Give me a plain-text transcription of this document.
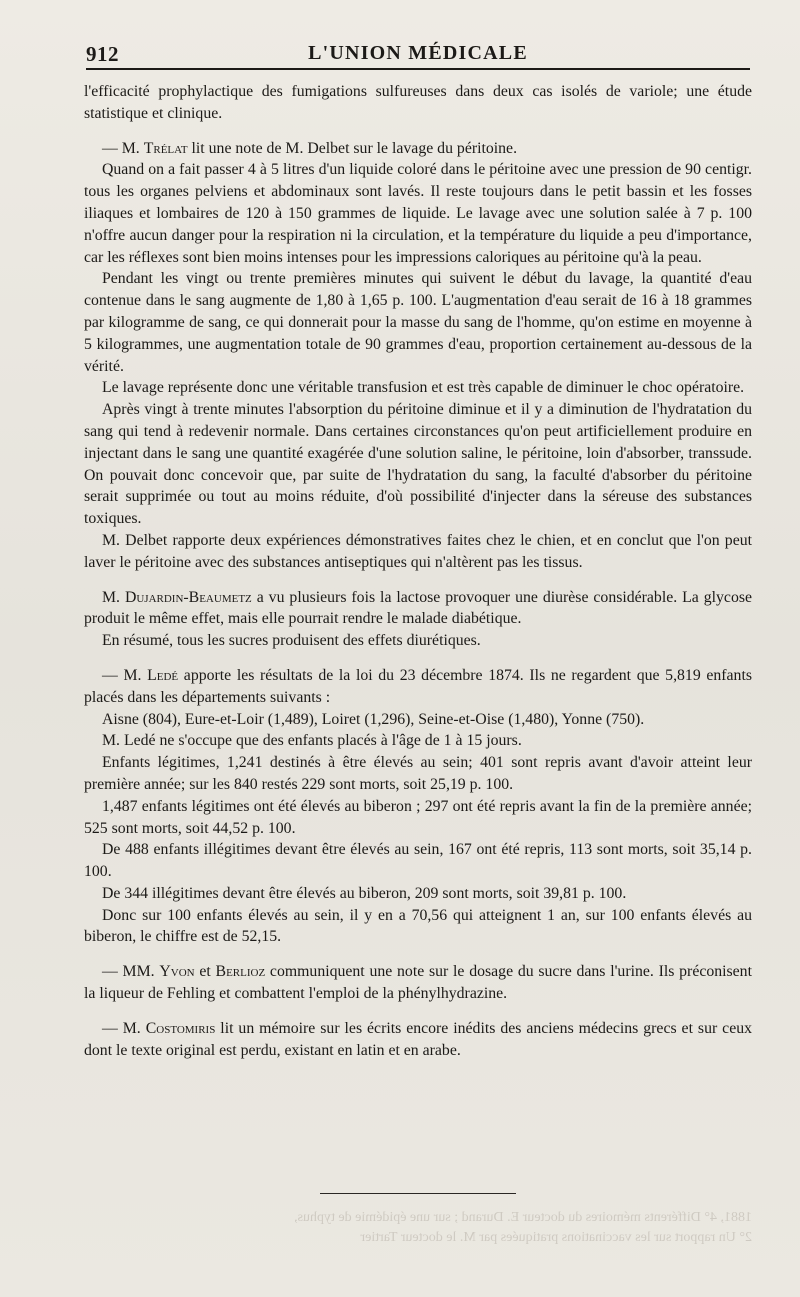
912	L'UNION MÉDICALE

l'efficacité prophylactique des fumigations sulfureuses dans deux cas isolés de variole; une étude statistique et clinique.

— M. Trélat lit une note de M. Delbet sur le lavage du péritoine.

Quand on a fait passer 4 à 5 litres d'un liquide coloré dans le péritoine avec une pression de 90 centigr. tous les organes pelviens et abdominaux sont lavés. Il reste toujours dans le petit bassin et les fosses iliaques et lombaires de 120 à 150 grammes de liquide. Le lavage avec une solution salée à 7 p. 100 n'offre aucun danger pour la respiration ni la circulation, et la température du liquide a peu d'importance, car les réflexes sont bien moins intenses pour les impressions caloriques au péritoine qu'à la peau.

Pendant les vingt ou trente premières minutes qui suivent le début du lavage, la quantité d'eau contenue dans le sang augmente de 1,80 à 1,65 p. 100. L'augmentation d'eau serait de 16 à 18 grammes par kilogramme de sang, ce qui donnerait pour la masse du sang de l'homme, qu'on estime en moyenne à 5 kilogrammes, une augmentation totale de 90 grammes d'eau, proportion certainement au-dessous de la vérité.

Le lavage représente donc une véritable transfusion et est très capable de diminuer le choc opératoire.

Après vingt à trente minutes l'absorption du péritoine diminue et il y a diminution de l'hydratation du sang qui tend à redevenir normale. Dans certaines circonstances qu'on peut artificiellement produire en injectant dans le sang une quantité exagérée d'une solution saline, le péritoine, loin d'absorber, transsude. On pouvait donc concevoir que, par suite de l'hydratation du sang, la faculté d'absorber du péritoine serait supprimée ou tout au moins réduite, d'où possibilité d'injecter dans la séreuse des substances toxiques.

M. Delbet rapporte deux expériences démonstratives faites chez le chien, et en conclut que l'on peut laver le péritoine avec des substances antiseptiques qui n'altèrent pas les tissus.

M. Dujardin-Beaumetz a vu plusieurs fois la lactose provoquer une diurèse considérable. La glycose produit le même effet, mais elle pourrait rendre le malade diabétique.

En résumé, tous les sucres produisent des effets diurétiques.

— M. Ledé apporte les résultats de la loi du 23 décembre 1874. Ils ne regardent que 5,819 enfants placés dans les départements suivants :

Aisne (804), Eure-et-Loir (1,489), Loiret (1,296), Seine-et-Oise (1,480), Yonne (750).

M. Ledé ne s'occupe que des enfants placés à l'âge de 1 à 15 jours.

Enfants légitimes, 1,241 destinés à être élevés au sein; 401 sont repris avant d'avoir atteint leur première année; sur les 840 restés 229 sont morts, soit 25,19 p. 100.

1,487 enfants légitimes ont été élevés au biberon ; 297 ont été repris avant la fin de la première année; 525 sont morts, soit 44,52 p. 100.

De 488 enfants illégitimes devant être élevés au sein, 167 ont été repris, 113 sont morts, soit 35,14 p. 100.

De 344 illégitimes devant être élevés au biberon, 209 sont morts, soit 39,81 p. 100.

Donc sur 100 enfants élevés au sein, il y en a 70,56 qui atteignent 1 an, sur 100 enfants élevés au biberon, le chiffre est de 52,15.

— MM. Yvon et Berlioz communiquent une note sur le dosage du sucre dans l'urine. Ils préconisent la liqueur de Fehling et combattent l'emploi de la phénylhydrazine.

— M. Costomiris lit un mémoire sur les écrits encore inédits des anciens médecins grecs et sur ceux dont le texte original est perdu, existant en latin et en arabe.

1881, 4° Différents mémoires du docteur E. Durand ; sur une épidémie de typhus,
2° Un rapport sur les vaccinations pratiquées par M. le docteur Tartier
